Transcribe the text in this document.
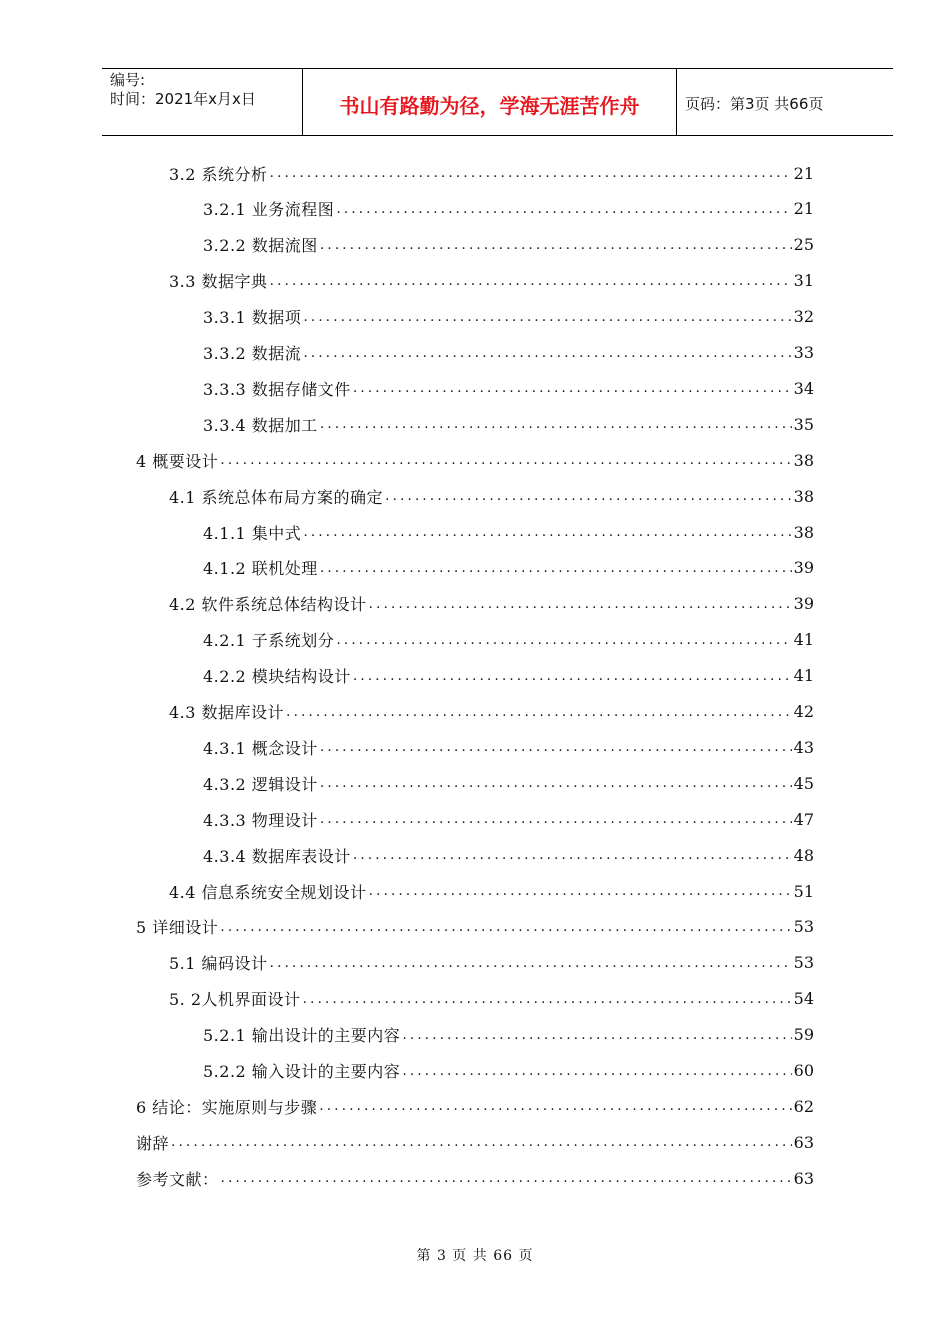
编号:
时间：2021年x月x日	书山有路勤为径，学海无涯苦作舟	页码：第3页 共66页
3.2 系统分析 .....	21
3.2.1 业务流程图 .....	21
3.2.2 数据流图 .....	25
3.3 数据字典 .....	31
3.3.1 数据项 .....	32
3.3.2 数据流 .....	33
3.3.3 数据存储文件 .....	34
3.3.4 数据加工 .....	35
4 概要设计 .....	38
4.1 系统总体布局方案的确定 .....	38
4.1.1 集中式 .....	38
4.1.2 联机处理 .....	39
4.2 软件系统总体结构设计 .....	39
4.2.1 子系统划分 .....	41
4.2.2 模块结构设计 .....	41
4.3 数据库设计 .....	42
4.3.1 概念设计 .....	43
4.3.2 逻辑设计 .....	45
4.3.3 物理设计 .....	47
4.3.4 数据库表设计 .....	48
4.4 信息系统安全规划设计 .....	51
5 详细设计 .....	53
5.1 编码设计 .....	53
5. 2人机界面设计 .....	54
5.2.1 输出设计的主要内容 .....	59
5.2.2 输入设计的主要内容 .....	60
6 结论：实施原则与步骤 .....	62
谢辞 .....	63
参考文献： .....	63
第 3 页 共 66 页
